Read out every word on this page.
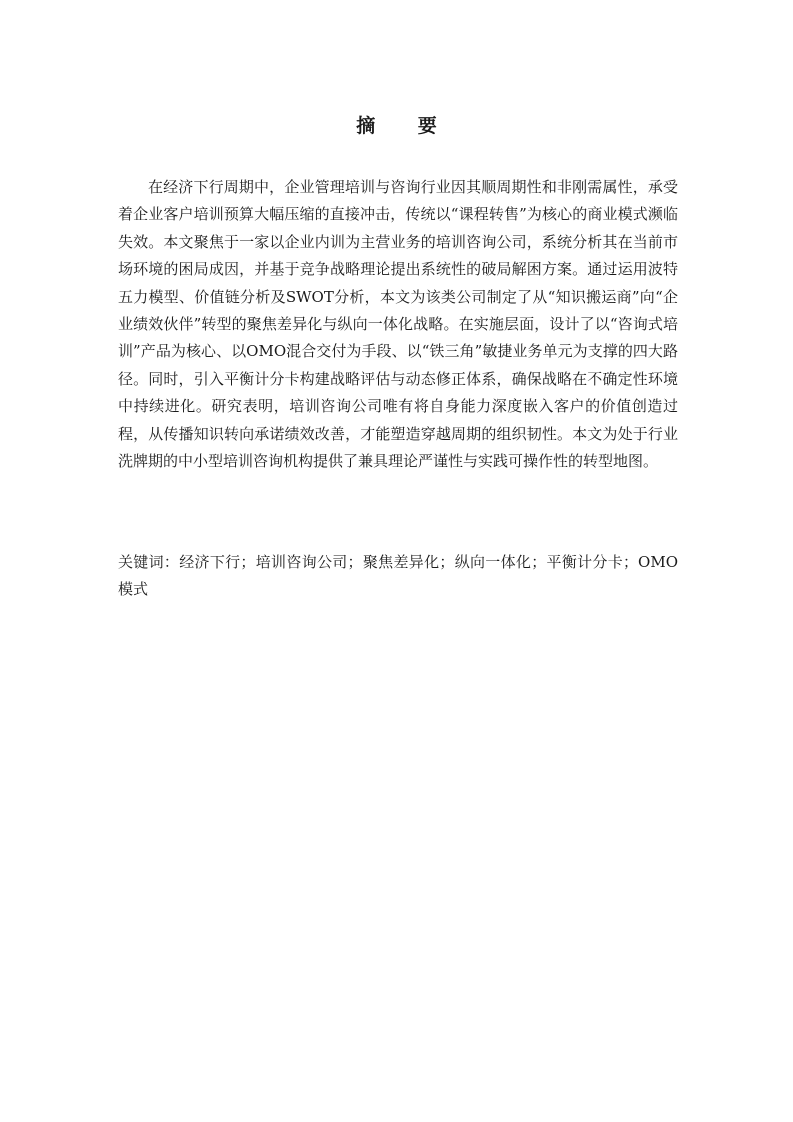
摘 要

在经济下行周期中，企业管理培训与咨询行业因其顺周期性和非刚需属性，承受着企业客户培训预算大幅压缩的直接冲击，传统以“课程转售”为核心的商业模式濒临失效。本文聚焦于一家以企业内训为主营业务的培训咨询公司，系统分析其在当前市场环境的困局成因，并基于竞争战略理论提出系统性的破局解困方案。通过运用波特五力模型、价值链分析及SWOT分析，本文为该类公司制定了从“知识搬运商”向“企业绩效伙伴”转型的聚焦差异化与纵向一体化战略。在实施层面，设计了以“咨询式培训”产品为核心、以OMO混合交付为手段、以“铁三角”敏捷业务单元为支撑的四大路径。同时，引入平衡计分卡构建战略评估与动态修正体系，确保战略在不确定性环境中持续进化。研究表明，培训咨询公司唯有将自身能力深度嵌入客户的价值创造过程，从传播知识转向承诺绩效改善，才能塑造穿越周期的组织韧性。本文为处于行业洗牌期的中小型培训咨询机构提供了兼具理论严谨性与实践可操作性的转型地图。

关键词：经济下行；培训咨询公司；聚焦差异化；纵向一体化；平衡计分卡；OMO模式
